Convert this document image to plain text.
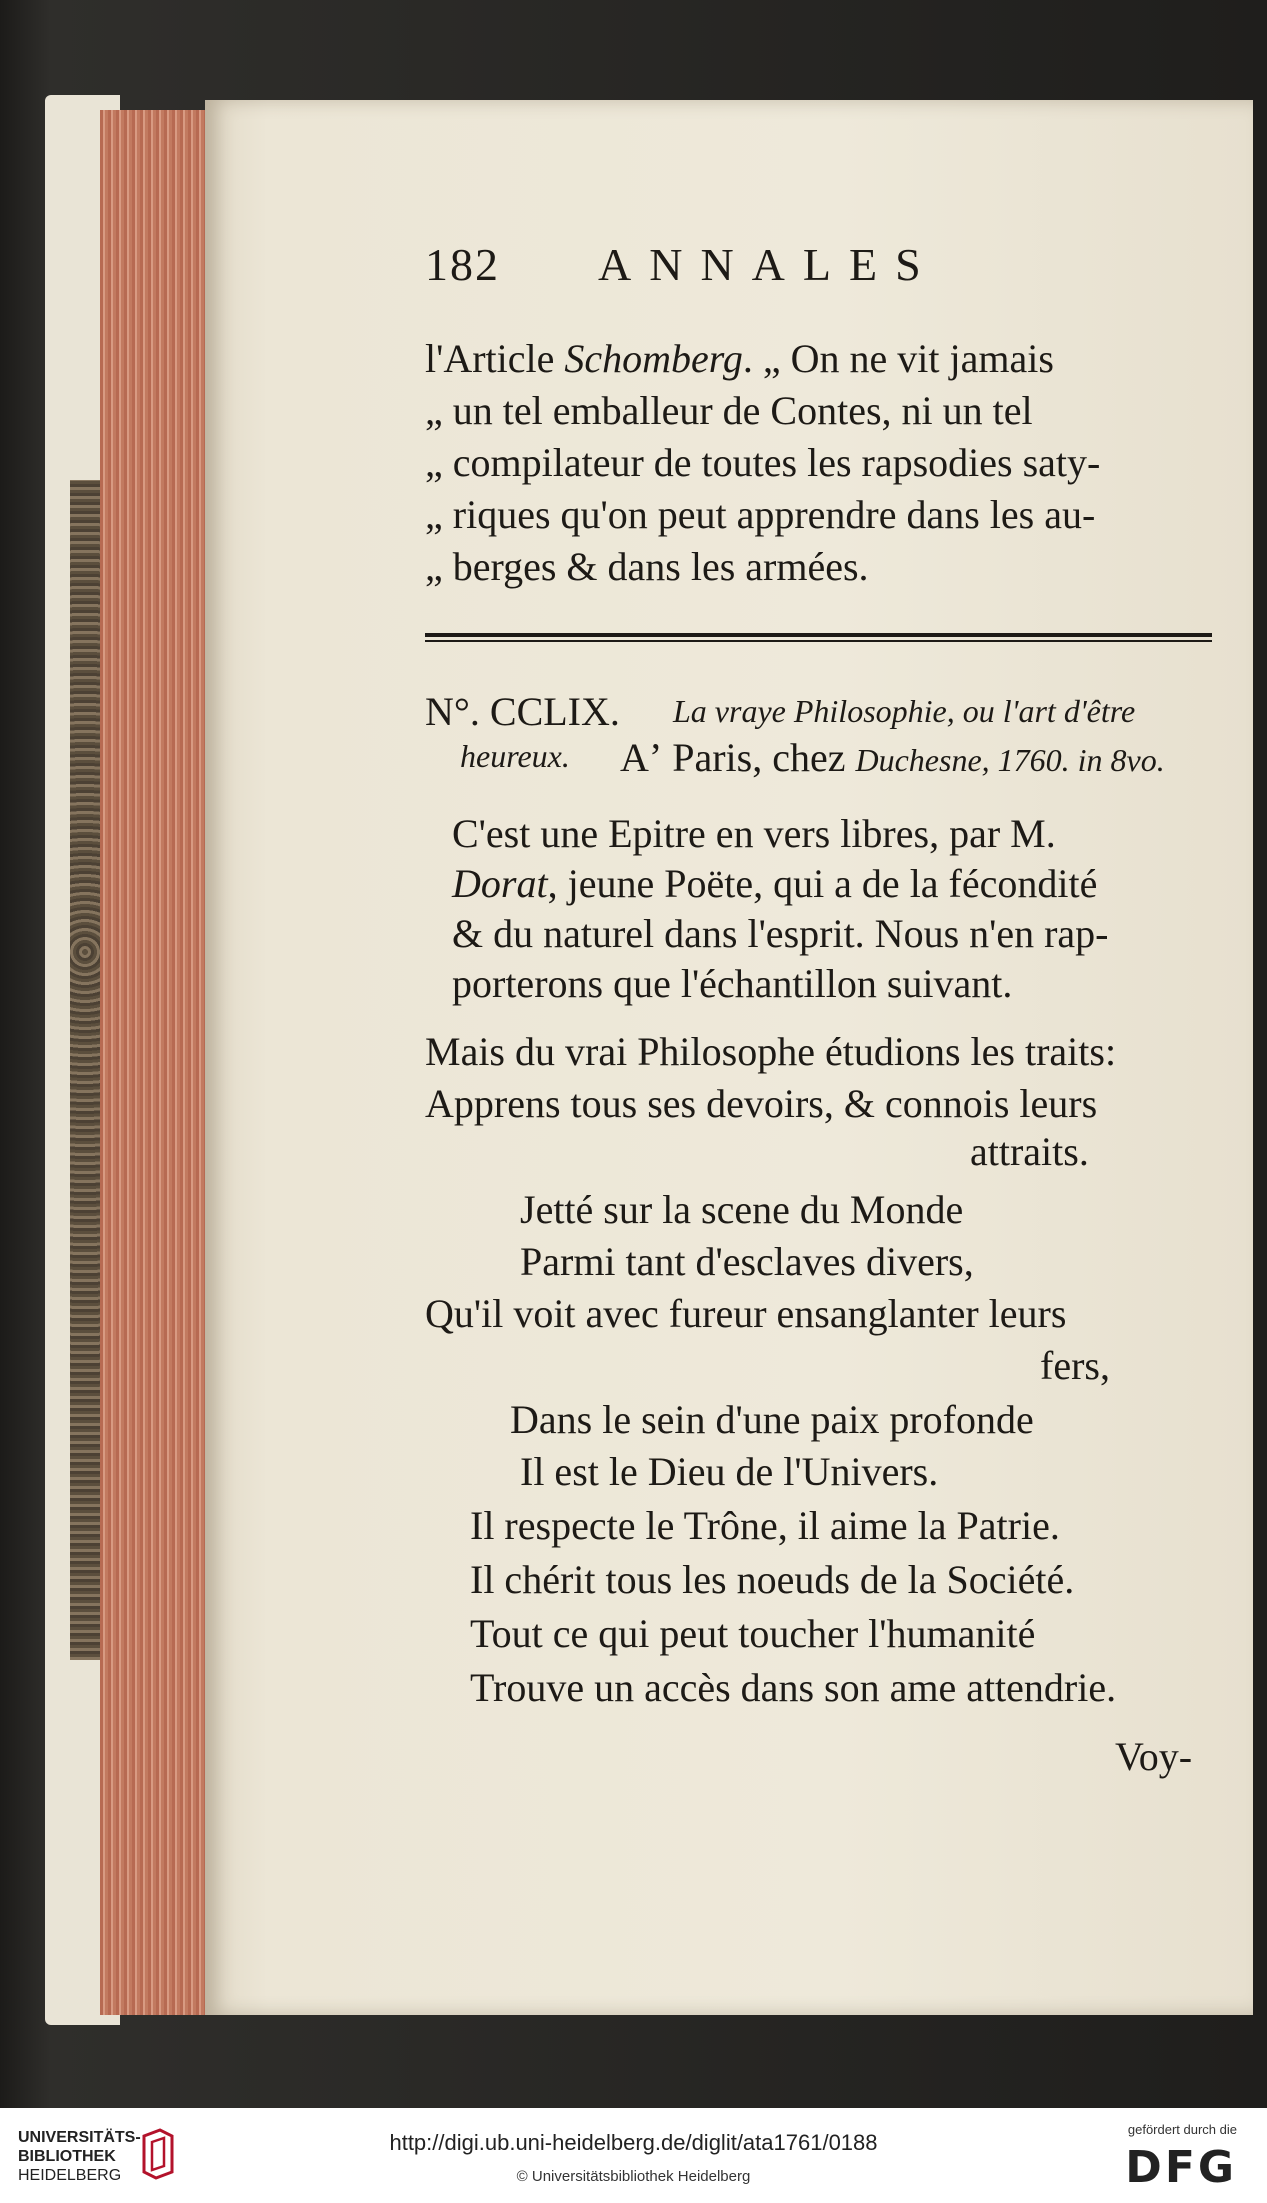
182 ANNALES
l'Article Schomberg. „ On ne vit jamais
„ un tel emballeur de Contes, ni un tel
„ compilateur de toutes les rapsodies saty-
„ riques qu'on peut apprendre dans les au-
„ berges & dans les armées.
N°. CCLIX. La vraye Philosophie, ou l'art d'être
heureux. Aʼ Paris, chez Duchesne, 1760. in 8vo.
C'est une Epitre en vers libres, par M.
Dorat, jeune Poëte, qui a de la fécondité
& du naturel dans l'esprit. Nous n'en rap-
porterons que l'échantillon suivant.
Mais du vrai Philosophe étudions les traits:
Apprens tous ses devoirs, & connois leurs
attraits.
Jetté sur la scene du Monde
Parmi tant d'esclaves divers,
Qu'il voit avec fureur ensanglanter leurs
fers,
Dans le sein d'une paix profonde
Il est le Dieu de l'Univers.
Il respecte le Trône, il aime la Patrie.
Il chérit tous les noeuds de la Société.
Tout ce qui peut toucher l'humanité
Trouve un accès dans son ame attendrie.
Voy-
UNIVERSITÄTS-
BIBLIOTHEK
HEIDELBERG
http://digi.ub.uni-heidelberg.de/diglit/ata1761/0188
© Universitätsbibliothek Heidelberg
gefördert durch die
DFG
